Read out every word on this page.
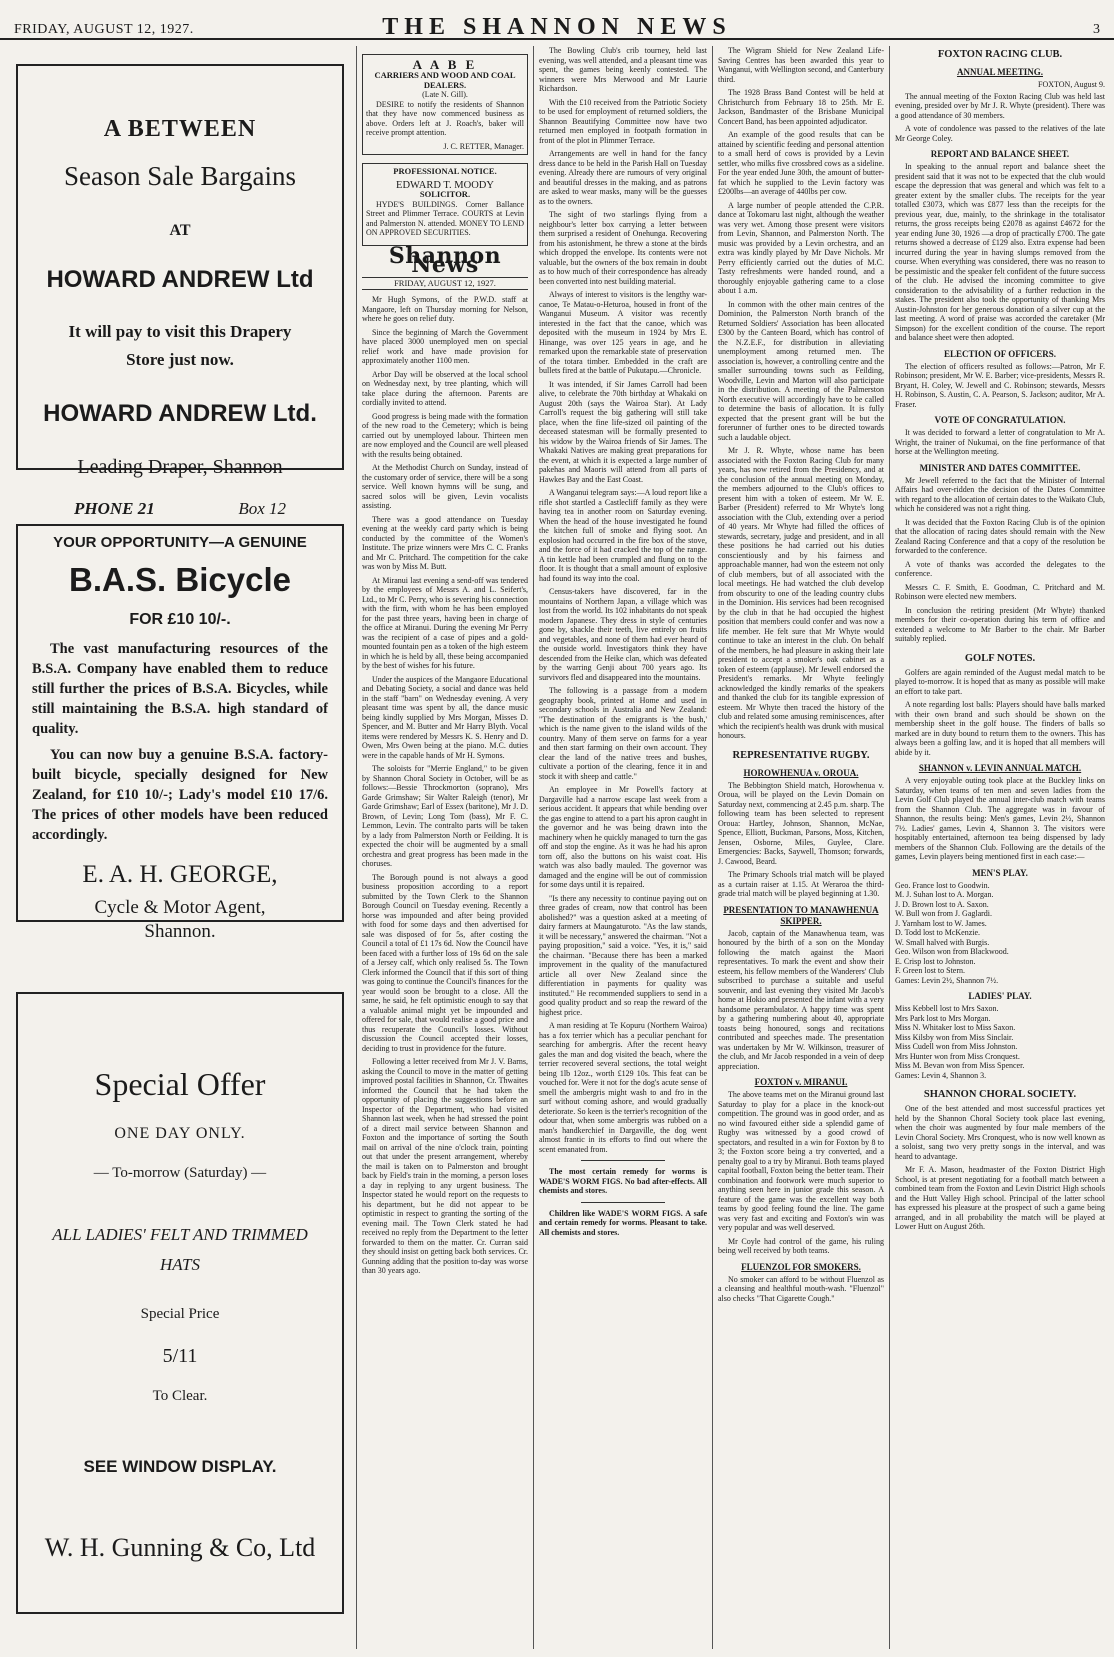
FRIDAY, AUGUST 12, 1927.	THE SHANNON NEWS	3
A BETWEEN
Season Sale Bargains
AT
HOWARD ANDREW Ltd
It will pay to visit this Drapery
Store just now.
HOWARD ANDREW Ltd.
Leading Draper, Shannon
PHONE 21	Box 12
YOUR OPPORTUNITY—A GENUINE
B.A.S. Bicycle
FOR £10 10/-.
The vast manufacturing resources of the B.S.A. Company have enabled them to reduce still further the prices of B.S.A. Bicycles, while still maintaining the B.S.A. high standard of quality.
You can now buy a genuine B.S.A. factory-built bicycle, specially designed for New Zealand, for £10 10/-; Lady's model £10 17/6. The prices of other models have been reduced accordingly.
E. A. H. GEORGE,
Cycle & Motor Agent,
Shannon.
Special Offer
ONE DAY ONLY.
— To-morrow (Saturday) —
ALL LADIES' FELT AND TRIMMED HATS
Special Price
5/11
To Clear.
SEE WINDOW DISPLAY.
W. H. Gunning & Co, Ltd
A A B E
CARRIERS AND WOOD AND COAL DEALERS.
(Late N. Gill).

DESIRE to notify the residents of Shannon that they have now commenced business as above. Orders left at J. Roach's, baker will receive prompt attention.

J. C. RETTER, Manager.
PROFESSIONAL NOTICE.
EDWARD T. MOODY
SOLICITOR.

HYDE'S BUILDINGS. Corner Ballance Street and Plimmer Terrace. COURTS at Levin and Palmerston N. attended. MONEY TO LEND ON APPROVED SECURITIES.

Shannon News
FRIDAY, AUGUST 12, 1927.

Mr Hugh Symons, of the P.W.D. staff at Mangaore, left on Thursday morning for Nelson, where he goes on relief duty.

Since the beginning of March the Government have placed 3000 unemployed men on special relief work and have made provision for approximately another 1100 men.

Arbor Day will be observed at the local school on Wednesday next, by tree planting, which will take place during the afternoon. Parents are cordially invited to attend.

Good progress is being made with the formation of the new road to the Cemetery; which is being carried out by unemployed labour. Thirteen men are now employed and the Council are well pleased with the results being obtained.

At the Methodist Church on Sunday, instead of the customary order of service, there will be a song service. Well known hymns will be sung, and sacred solos will be given, Levin vocalists assisting.

There was a good attendance on Tuesday evening at the weekly card party which is being conducted by the committee of the Women's Institute. The prize winners were Mrs C. C. Franks and Mr C. Pritchard. The competition for the cake was won by Miss M. Butt.

At Miranui last evening a send-off was tendered by the employees of Messrs A. and L. Seifert's, Ltd., to Mr C. Perry, who is severing his connection with the firm, with whom he has been employed for the past three years, having been in charge of the office at Miranui. During the evening Mr Perry was the recipient of a case of pipes and a gold-mounted fountain pen as a token of the high esteem in which he is held by all, these being accompanied by the best of wishes for his future.

Under the auspices of the Mangaore Educational and Debating Society, a social and dance was held in the staff "barn" on Wednesday evening. A very pleasant time was spent by all, the dance music being kindly supplied by Mrs Morgan, Misses D. Spencer, and M. Butter and Mr Harry Blyth. Vocal items were rendered by Messrs K. S. Henry and D. Owen, Mrs Owen being at the piano. M.C. duties were in the capable hands of Mr H. Symons.

The soloists for "Merrie England," to be given by Shannon Choral Society in October, will be as follows:—Bessie Throckmorton (soprano), Mrs Garde Grimshaw; Sir Walter Raleigh (tenor), Mr Garde Grimshaw; Earl of Essex (baritone), Mr J. D. Brown, of Levin; Long Tom (bass), Mr F. C. Lemmon, Levin. The contralto parts will be taken by a lady from Palmerston North or Feilding. It is expected the choir will be augmented by a small orchestra and great progress has been made in the choruses.

The Borough pound is not always a good business proposition according to a report submitted by the Town Clerk to the Shannon Borough Council on Tuesday evening. Recently a horse was impounded and after being provided with food for some days and then advertised for sale was disposed of for 5s, after costing the Council a total of £1 17s 6d. Now the Council have been faced with a further loss of 19s 6d on the sale of a Jersey calf, which only realised 5s. The Town Clerk informed the Council that if this sort of thing was going to continue the Council's finances for the year would soon be brought to a close. All the same, he said, he felt optimistic enough to say that a valuable animal might yet be impounded and offered for sale, that would realise a good price and thus recuperate the Council's losses. Without discussion the Council accepted their losses, deciding to trust in providence for the future.

Following a letter received from Mr J. V. Barns, asking the Council to move in the matter of getting improved postal facilities in Shannon, Cr. Thwaites informed the Council that he had taken the opportunity of placing the suggestions before an Inspector of the Department, who had visited Shannon last week, when he had stressed the point of a direct mail service between Shannon and Foxton and the importance of sorting the South mail on arrival of the nine o'clock train, pointing out that under the present arrangement, whereby the mail is taken on to Palmerston and brought back by Field's train in the morning, a person loses a day in replying to any urgent business. The Inspector stated he would report on the requests to his department, but he did not appear to be optimistic in respect to granting the sorting of the evening mail. The Town Clerk stated he had received no reply from the Department to the letter forwarded to them on the matter. Cr. Curran said they should insist on getting back both services. Cr. Gunning adding that the position to-day was worse than 30 years ago.

The Bowling Club's crib tourney, held last evening, was well attended, and a pleasant time was spent, the games being keenly contested. The winners were Mrs Merwood and Mr Laurie Richardson.

With the £10 received from the Patriotic Society to be used for employment of returned soldiers, the Shannon Beautifying Committee now have two returned men employed in footpath formation in front of the plot in Plimmer Terrace.

Arrangements are well in hand for the fancy dress dance to be held in the Parish Hall on Tuesday evening. Already there are rumours of very original and beautiful dresses in the making, and as patrons are asked to wear masks, many will be the guesses as to the owners.

The sight of two starlings flying from a neighbour's letter box carrying a letter between them surprised a resident of Onehunga. Recovering from his astonishment, he threw a stone at the birds which dropped the envelope. Its contents were not valuable, but the owners of the box remain in doubt as to how much of their correspondence has already been converted into nest building material.

Always of interest to visitors is the lengthy war-canoe, Te Matau-o-Heturoa, housed in front of the Wanganui Museum. A visitor was recently interested in the fact that the canoe, which was deposited with the museum in 1924 by Mrs E. Hinange, was over 125 years in age, and he remarked upon the remarkable state of preservation of the totara timber. Embedded in the craft are bullets fired at the battle of Pukutapu.—Chronicle.

It was intended, if Sir James Carroll had been alive, to celebrate the 70th birthday at Whakaki on August 20th (says the Wairoa Star). At Lady Carroll's request the big gathering will still take place, when the fine life-sized oil painting of the deceased statesman will be formally presented to his widow by the Wairoa friends of Sir James. The Whakaki Natives are making great preparations for the event, at which it is expected a large number of pakehas and Maoris will attend from all parts of Hawkes Bay and the East Coast.

A Wanganui telegram says:—A loud report like a rifle shot startled a Castlecliff family as they were having tea in another room on Saturday evening. When the head of the house investigated he found the kitchen full of smoke and flying soot. An explosion had occurred in the fire box of the stove, and the force of it had cracked the top of the range. A tin kettle had been crumpled and flung on to the floor. It is thought that a small amount of explosive had found its way into the coal.

Census-takers have discovered, far in the mountains of Northern Japan, a village which was lost from the world. Its 102 inhabitants do not speak modern Japanese. They dress in style of centuries gone by, shackle their teeth, live entirely on fruits and vegetables, and none of them had ever heard of the outside world. Investigators think they have descended from the Heike clan, which was defeated by the warring Genji about 700 years ago. Its survivors fled and disappeared into the mountains.

The following is a passage from a modern geography book, printed at Home and used in secondary schools in Australia and New Zealand: "The destination of the emigrants is 'the bush,' which is the name given to the island wilds of the country. Many of them serve on farms for a year and then start farming on their own account. They clear the land of the native trees and bushes, cultivate a portion of the clearing, fence it in and stock it with sheep and cattle."

An employee in Mr Powell's factory at Dargaville had a narrow escape last week from a serious accident. It appears that while bending over the gas engine to attend to a part his apron caught in the governor and he was being drawn into the machinery when he quickly managed to turn the gas off and stop the engine. As it was he had his apron torn off, also the buttons on his waist coat. His watch was also badly mauled. The governor was damaged and the engine will be out of commission for some days until it is repaired.

"Is there any necessity to continue paying out on three grades of cream, now that control has been abolished?" was a question asked at a meeting of dairy farmers at Maungaturoto. "As the law stands, it will be necessary," answered the chairman. "Not a paying proposition," said a voice. "Yes, it is," said the chairman. "Because there has been a marked improvement in the quality of the manufactured article all over New Zealand since the differentiation in payments for quality was instituted." He recommended suppliers to send in a good quality product and so reap the reward of the highest price.

A man residing at Te Kopuru (Northern Wairoa) has a fox terrier which has a peculiar penchant for searching for ambergris. After the recent heavy gales the man and dog visited the beach, where the terrier recovered several sections, the total weight being 1lb 12oz., worth £129 10s. This feat can be vouched for. Were it not for the dog's acute sense of smell the ambergris might wash to and fro in the surf without coming ashore, and would gradually deteriorate. So keen is the terrier's recognition of the odour that, when some ambergris was rubbed on a man's handkerchief in Dargaville, the dog went almost frantic in its efforts to find out where the scent emanated from.

The most certain remedy for worms is WADE'S WORM FIGS. No bad after-effects. All chemists and stores.

Children like WADE'S WORM FIGS. A safe and certain remedy for worms. Pleasant to take. All chemists and stores.

The Wigram Shield for New Zealand Life-Saving Centres has been awarded this year to Wanganui, with Wellington second, and Canterbury third.

The 1928 Brass Band Contest will be held at Christchurch from February 18 to 25th. Mr E. Jackson, Bandmaster of the Brisbane Municipal Concert Band, has been appointed adjudicator.

An example of the good results that can be attained by scientific feeding and personal attention to a small herd of cows is provided by a Levin settler, who milks five crossbred cows as a sideline. For the year ended June 30th, the amount of butter-fat which he supplied to the Levin factory was £200lbs—an average of 440lbs per cow.

A large number of people attended the C.P.R. dance at Tokomaru last night, although the weather was very wet. Among those present were visitors from Levin, Shannon, and Palmerston North. The music was provided by a Levin orchestra, and an extra was kindly played by Mr Dave Nichols. Mr Perry efficiently carried out the duties of M.C. Tasty refreshments were handed round, and a thoroughly enjoyable gathering came to a close about 1 a.m.

In common with the other main centres of the Dominion, the Palmerston North branch of the Returned Soldiers' Association has been allocated £300 by the Canteen Board, which has control of the N.Z.E.F., for distribution in alleviating unemployment among returned men. The association is, however, a controlling centre and the smaller surrounding towns such as Feilding, Woodville, Levin and Marton will also participate in the distribution. A meeting of the Palmerston North executive will accordingly have to be called to determine the basis of allocation. It is fully expected that the present grant will be but the forerunner of further ones to be directed towards such a laudable object.

Mr J. R. Whyte, whose name has been associated with the Foxton Racing Club for many years, has now retired from the Presidency, and at the conclusion of the annual meeting on Monday, the members adjourned to the Club's offices to present him with a token of esteem. Mr W. E. Barber (President) referred to Mr Whyte's long association with the Club, extending over a period of 40 years. Mr Whyte had filled the offices of stewards, secretary, judge and president, and in all these positions he had carried out his duties conscientiously and by his fairness and approachable manner, had won the esteem not only of club members, but of all associated with the local meetings. He had watched the club develop from obscurity to one of the leading country clubs in the Dominion. His services had been recognised by the club in that he had occupied the highest position that members could confer and was now a life member. He felt sure that Mr Whyte would continue to take an interest in the club. On behalf of the members, he had pleasure in asking their late president to accept a smoker's oak cabinet as a token of esteem (applause). Mr Jewell endorsed the President's remarks. Mr Whyte feelingly acknowledged the kindly remarks of the speakers and thanked the club for its tangible expression of esteem. Mr Whyte then traced the history of the club and related some amusing reminiscences, after which the recipient's health was drunk with musical honours.

REPRESENTATIVE RUGBY.
HOROWHENUA v. OROUA.

The Bebbington Shield match, Horowhenua v. Oroua, will be played on the Levin Domain on Saturday next, commencing at 2.45 p.m. sharp. The following team has been selected to represent Oroua: Hartley, Johnson, Shannon, McNae, Spence, Elliott, Buckman, Parsons, Moss, Kitchen, Jensen, Osborne, Miles, Guylee, Clare. Emergencies: Backs, Saywell, Thomson; forwards, J. Cawood, Beard.

The Primary Schools trial match will be played as a curtain raiser at 1.15. At Weraroa the third-grade trial match will be played beginning at 1.30.

PRESENTATION TO MANAWHENUA SKIPPER.

Jacob, captain of the Manawhenua team, was honoured by the birth of a son on the Monday following the match against the Maori representatives. To mark the event and show their esteem, his fellow members of the Wanderers' Club subscribed to purchase a suitable and useful souvenir, and last evening they visited Mr Jacob's home at Hokio and presented the infant with a very handsome perambulator. A happy time was spent by a gathering numbering about 40, appropriate toasts being honoured, songs and recitations contributed and speeches made. The presentation was undertaken by Mr W. Wilkinson, treasurer of the club, and Mr Jacob responded in a vein of deep appreciation.

FOXTON v. MIRANUI.

The above teams met on the Miranui ground last Saturday to play for a place in the knock-out competition. The ground was in good order, and as no wind favoured either side a splendid game of Rugby was witnessed by a good crowd of spectators, and resulted in a win for Foxton by 8 to 3; the Foxton score being a try converted, and a penalty goal to a try by Miranui. Both teams played capital football, Foxton being the better team. Their combination and footwork were much superior to anything seen here in junior grade this season. A feature of the game was the excellent way both teams by good feeling found the line. The game was very fast and exciting and Foxton's win was very popular and was well deserved.

Mr Coyle had control of the game, his ruling being well received by both teams.

FLUENZOL FOR SMOKERS.

No smoker can afford to be without Fluenzol as a cleansing and healthful mouth-wash. "Fluenzol" also checks "That Cigarette Cough."

FOXTON RACING CLUB.
ANNUAL MEETING.
FOXTON, August 9.

The annual meeting of the Foxton Racing Club was held last evening, presided over by Mr J. R. Whyte (president). There was a good attendance of 30 members.

A vote of condolence was passed to the relatives of the late Mr George Coley.

REPORT AND BALANCE SHEET.

In speaking to the annual report and balance sheet the president said that it was not to be expected that the club would escape the depression that was general and which was felt to a greater extent by the smaller clubs. The receipts for the year totalled £3073, which was £877 less than the receipts for the previous year, due, mainly, to the shrinkage in the totalisator returns, the gross receipts being £2078 as against £4672 for the year ending June 30, 1926 —a drop of practically £700. The gate returns showed a decrease of £129 also. Extra expense had been incurred during the year in having slumps removed from the course. When everything was considered, there was no reason to be pessimistic and the speaker felt confident of the future success of the club. He advised the incoming committee to give consideration to the advisability of a further reduction in the stakes. The president also took the opportunity of thanking Mrs Austin-Johnston for her generous donation of a silver cup at the last meeting. A word of praise was accorded the caretaker (Mr Simpson) for the excellent condition of the course. The report and balance sheet were then adopted.

ELECTION OF OFFICERS.

The election of officers resulted as follows:—Patron, Mr F. Robinson; president, Mr W. E. Barber; vice-presidents, Messrs R. Bryant, H. Coley, W. Jewell and C. Robinson; stewards, Messrs H. Robinson, S. Austin, C. A. Pearson, S. Jackson; auditor, Mr A. Fraser.

VOTE OF CONGRATULATION.

It was decided to forward a letter of congratulation to Mr A. Wright, the trainer of Nukumai, on the fine performance of that horse at the Wellington meeting.

MINISTER AND DATES COMMITTEE.

Mr Jewell referred to the fact that the Minister of Internal Affairs had over-ridden the decision of the Dates Committee with regard to the allocation of certain dates to the Waikato Club, which he considered was not a right thing.

It was decided that the Foxton Racing Club is of the opinion that the allocation of racing dates should remain with the New Zealand Racing Conference and that a copy of the resolution be forwarded to the conference.

A vote of thanks was accorded the delegates to the conference.

Messrs C. F. Smith, E. Goodman, C. Pritchard and M. Robinson were elected new members.

In conclusion the retiring president (Mr Whyte) thanked members for their co-operation during his term of office and extended a welcome to Mr Barber to the chair. Mr Barber suitably replied.

GOLF NOTES.

Golfers are again reminded of the August medal match to be played to-morrow. It is hoped that as many as possible will make an effort to take part.

A note regarding lost balls: Players should have balls marked with their own brand and such should be shown on the membership sheet in the golf house. The finders of balls so marked are in duty bound to return them to the owners. This has always been a golfing law, and it is hoped that all members will abide by it.

SHANNON v. LEVIN ANNUAL MATCH.

A very enjoyable outing took place at the Buckley links on Saturday, when teams of ten men and seven ladies from the Levin Golf Club played the annual inter-club match with teams from the Shannon Club. The aggregate was in favour of Shannon, the results being: Men's games, Levin 2½, Shannon 7½. Ladies' games, Levin 4, Shannon 3. The visitors were hospitably entertained, afternoon tea being dispensed by lady members of the Shannon Club. Following are the details of the games, Levin players being mentioned first in each case:—

MEN'S PLAY.
Geo. France lost to Goodwin.
M. J. Suhan lost to A. Morgan.
J. D. Brown lost to A. Saxon.
W. Bull won from J. Gaglardi.
J. Yarnham lost to W. James.
D. Todd lost to McKenzie.
W. Small halved with Burgis.
Geo. Wilson won from Blackwood.
E. Crisp lost to Johnston.
F. Green lost to Stern.
Games: Levin 2½, Shannon 7½.
LADIES' PLAY.
Miss Kebbell lost to Mrs Saxon.
Mrs Park lost to Mrs Morgan.
Miss N. Whitaker lost to Miss Saxon.
Miss Kilsby won from Miss Sinclair.
Miss Cudell won from Miss Johnston.
Mrs Hunter won from Miss Cronquest.
Miss M. Bevan won from Miss Spencer.
Games: Levin 4, Shannon 3.
SHANNON CHORAL SOCIETY.

One of the best attended and most successful practices yet held by the Shannon Choral Society took place last evening, when the choir was augmented by four male members of the Levin Choral Society. Mrs Cronquest, who is now well known as a soloist, sang two very pretty songs in the interval, and was heard to advantage.

Mr F. A. Mason, headmaster of the Foxton District High School, is at present negotiating for a football match between a combined team from the Foxton and Levin District High schools and the Hutt Valley High school. Principal of the latter school has expressed his pleasure at the prospect of such a game being arranged, and in all probability the match will be played at Lower Hutt on August 26th.
